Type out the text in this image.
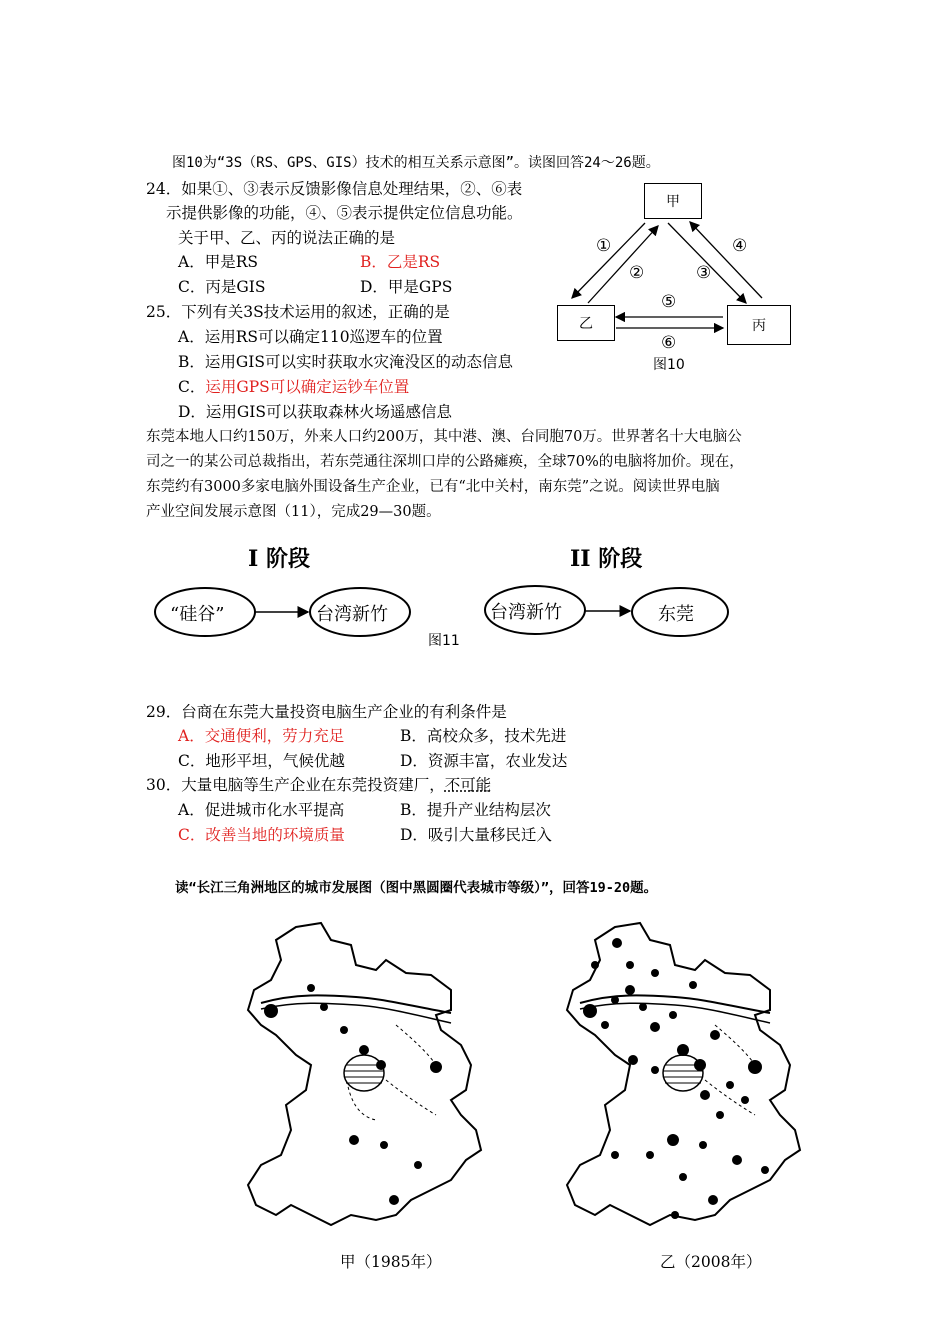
图10为“3S（RS、GPS、GIS）技术的相互关系示意图”。读图回答24～26题。
24．如果①、③表示反馈影像信息处理结果，②、⑥表
示提供影像的功能，④、⑤表示提供定位信息功能。
关于甲、乙、丙的说法正确的是
A．甲是RS	B．乙是RS
C．丙是GIS	D．甲是GPS
25．下列有关3S技术运用的叙述，正确的是
A．运用RS可以确定110巡逻车的位置
B．运用GIS可以实时获取水灾淹没区的动态信息
C．运用GPS可以确定运钞车位置
D．运用GIS可以获取森林火场遥感信息
甲
乙	丙
①
②	③
④
⑤
⑥
图10
东莞本地人口约150万，外来人口约200万，其中港、澳、台同胞70万。世界著名十大电脑公
司之一的某公司总裁指出，若东莞通往深圳口岸的公路瘫痪，全球70%的电脑将加价。现在，
东莞约有3000多家电脑外围设备生产企业，已有“北中关村，南东莞”之说。阅读世界电脑
产业空间发展示意图（11），完成29—30题。
I 阶段	II 阶段
“硅谷”	台湾新竹	台湾新竹	东莞
图11
29．台商在东莞大量投资电脑生产企业的有利条件是
A．交通便利，劳力充足	B．高校众多，技术先进
C．地形平坦，气候优越	D．资源丰富，农业发达
30．大量电脑等生产企业在东莞投资建厂，不可能
A．促进城市化水平提高	B．提升产业结构层次
C．改善当地的环境质量	D．吸引大量移民迁入
读“长江三角洲地区的城市发展图（图中黑圆圈代表城市等级）”，回答19-20题。
甲（1985年）	乙（2008年）
